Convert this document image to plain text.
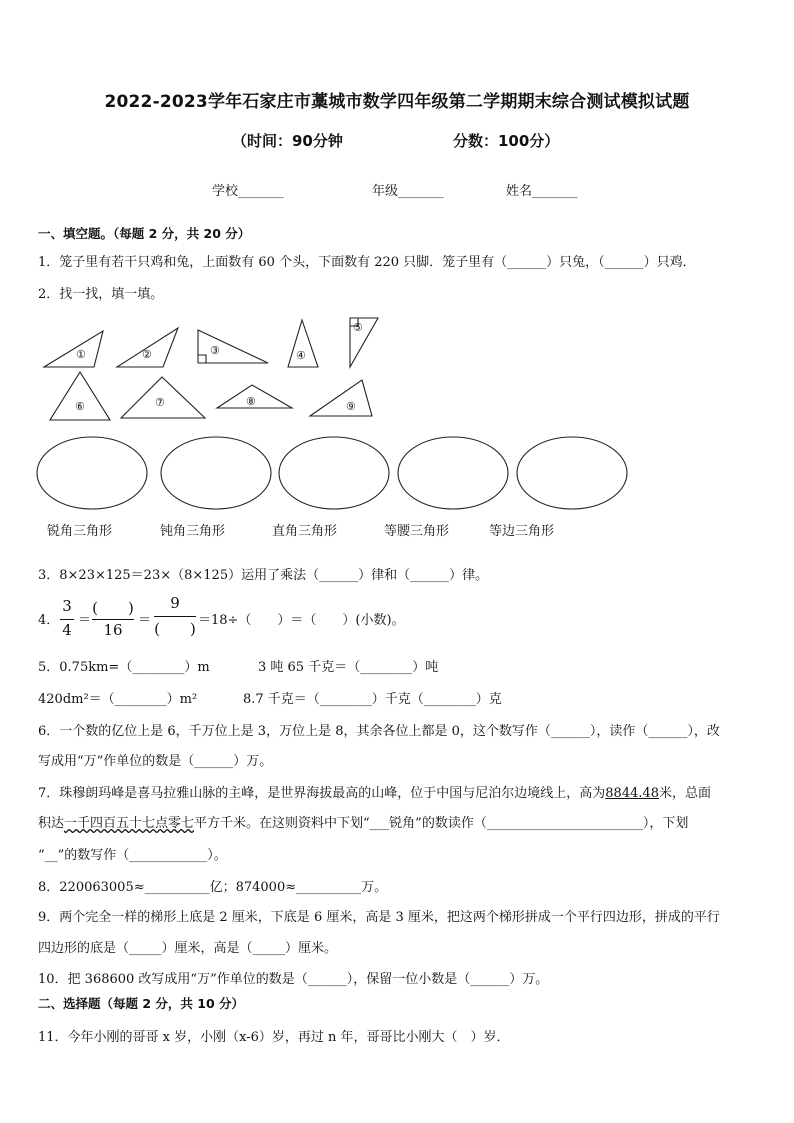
2022-2023学年石家庄市藁城市数学四年级第二学期期末综合测试模拟试题
（时间：90分钟	分数：100分）
学校_______	年级_______	姓名_______
一、填空题。（每题 2 分，共 20 分）
1．笼子里有若干只鸡和兔，上面数有 60 个头，下面数有 220 只脚．笼子里有（______）只兔，（______）只鸡．
2．找一找，填一填。
①	②	③	④
⑤
⑥	⑦	⑧	⑨
锐角三角形	钝角三角形	直角三角形	等腰三角形	等边三角形
3．8×23×125＝23×（8×125）运用了乘法（______）律和（______）律。
4．
3
4
＝
(　　)
16
＝
9
(　　) ＝18÷（　　）＝（　　）(小数)。
5．0.75km=（________）m	3 吨 65 千克＝（________）吨
420dm²＝（________）m²	8.7 千克＝（________）千克（________）克
6．一个数的亿位上是 6，千万位上是 3，万位上是 8，其余各位上都是 0，这个数写作（______），读作（______），改
写成用“万”作单位的数是（______）万。
7．珠穆朗玛峰是喜马拉雅山脉的主峰，是世界海拔最高的山峰，位于中国与尼泊尔边境线上，高为8844.48米，总面
积达一千四百五十七点零七平方千米。在这则资料中下划“___锐角”的数读作（________________________），下划
“__”的数写作（____________）。
8．220063005≈__________亿；874000≈__________万。
9．两个完全一样的梯形上底是 2 厘米，下底是 6 厘米，高是 3 厘米，把这两个梯形拼成一个平行四边形，拼成的平行
四边形的底是（_____）厘米，高是（_____）厘米。
10．把 368600 改写成用“万”作单位的数是（______），保留一位小数是（______）万。
二、选择题（每题 2 分，共 10 分）
11．今年小刚的哥哥 x 岁，小刚（x-6）岁，再过 n 年，哥哥比小刚大（　）岁．
